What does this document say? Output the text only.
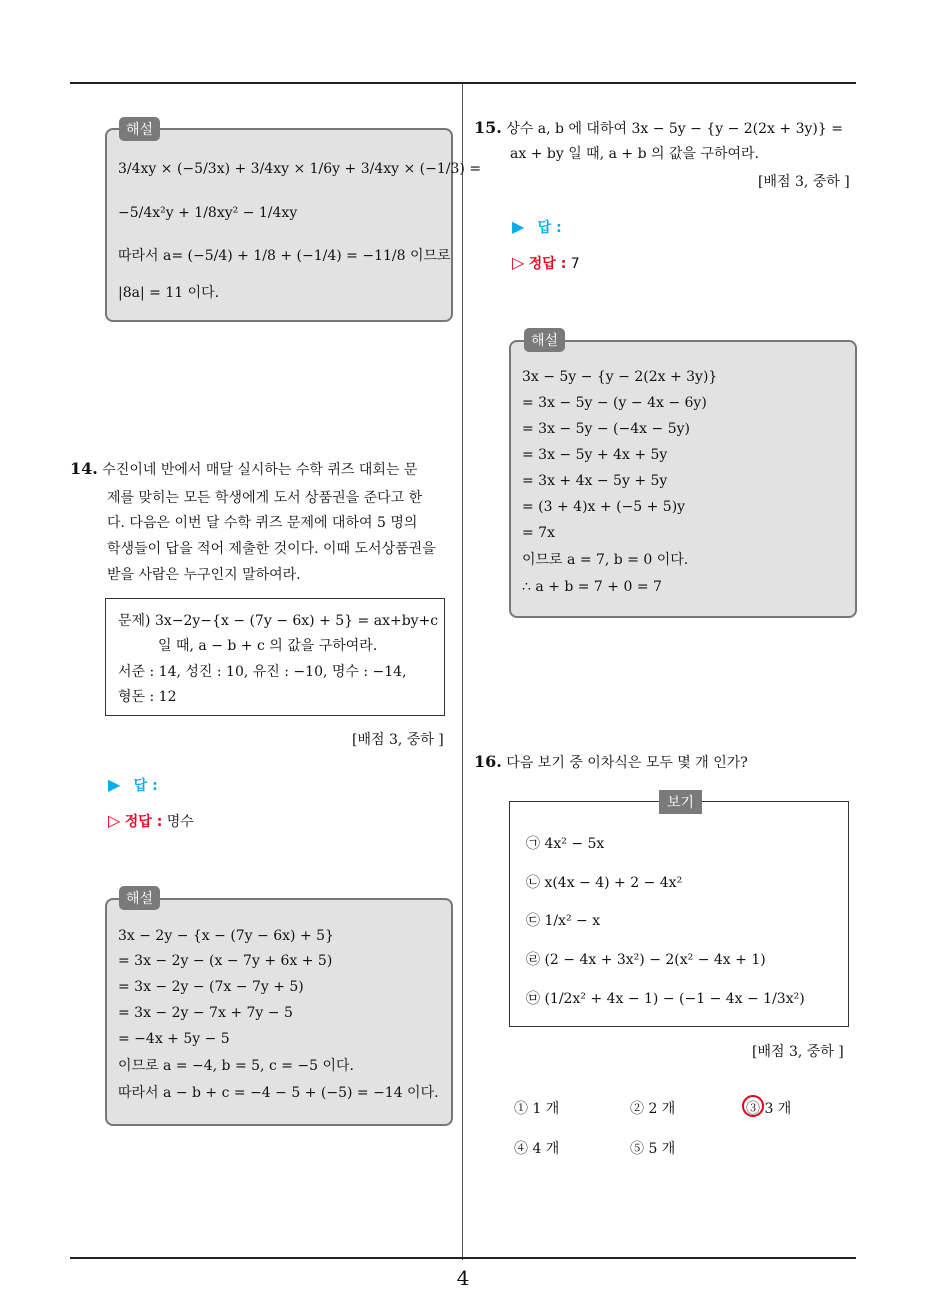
4
해설
3/4xy × (−5/3x) + 3/4xy × 1/6y + 3/4xy × (−1/3) =
−5/4x²y + 1/8xy² − 1/4xy
따라서 a= (−5/4) + 1/8 + (−1/4) = −11/8 이므로
|8a| = 11 이다.
14. 수진이네 반에서 매달 실시하는 수학 퀴즈 대회는 문
제를 맞히는 모든 학생에게 도서 상품권을 준다고 한
다. 다음은 이번 달 수학 퀴즈 문제에 대하여 5 명의
학생들이 답을 적어 제출한 것이다. 이때 도서상품권을
받을 사람은 누구인지 말하여라.
문제) 3x−2y−{x − (7y − 6x) + 5} = ax+by+c
일 때, a − b + c 의 값을 구하여라.
서준 : 14, 성진 : 10, 유진 : −10, 명수 : −14,
형돈 : 12
[배점 3, 중하 ]
▶ 답 :
▷ 정답 : 명수
해설
3x − 2y − {x − (7y − 6x) + 5}
= 3x − 2y − (x − 7y + 6x + 5)
= 3x − 2y − (7x − 7y + 5)
= 3x − 2y − 7x + 7y − 5
= −4x + 5y − 5
이므로 a = −4, b = 5, c = −5 이다.
따라서 a − b + c = −4 − 5 + (−5) = −14 이다.
15. 상수 a, b 에 대하여 3x − 5y − {y − 2(2x + 3y)} =
ax + by 일 때, a + b 의 값을 구하여라.
[배점 3, 중하 ]
▶ 답 :
▷ 정답 : 7
해설
3x − 5y − {y − 2(2x + 3y)}
= 3x − 5y − (y − 4x − 6y)
= 3x − 5y − (−4x − 5y)
= 3x − 5y + 4x + 5y
= 3x + 4x − 5y + 5y
= (3 + 4)x + (−5 + 5)y
= 7x
이므로 a = 7, b = 0 이다.
∴ a + b = 7 + 0 = 7
16. 다음 보기 중 이차식은 모두 몇 개 인가?
보기
㉠ 4x² − 5x
㉡ x(4x − 4) + 2 − 4x²
㉢ 1/x² − x
㉣ (2 − 4x + 3x²) − 2(x² − 4x + 1)
㉤ (1/2x² + 4x − 1) − (−1 − 4x − 1/3x²)
[배점 3, 중하 ]
① 1 개	② 2 개	③ 3 개
④ 4 개	⑤ 5 개
